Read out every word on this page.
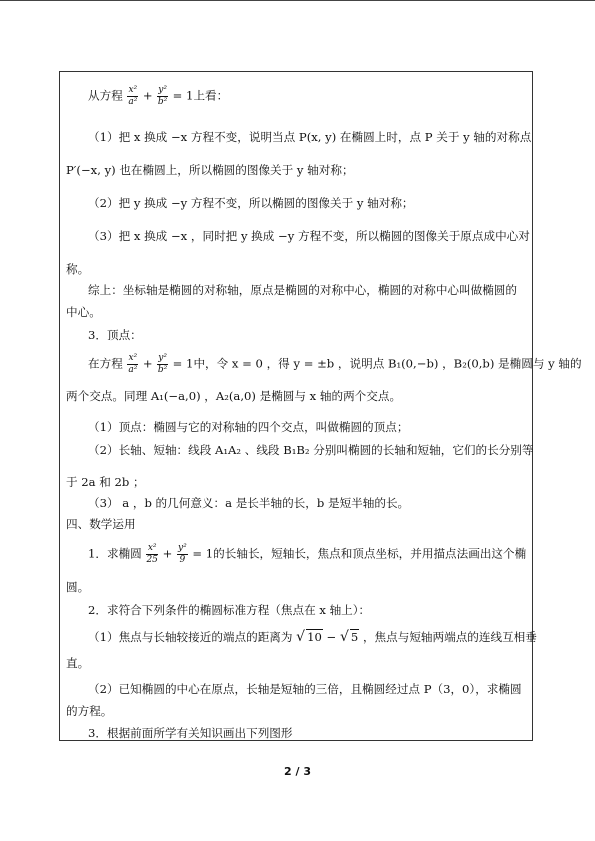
从方程 $\frac{\text{x²}}{\text{a²}} + \frac{\text{y²}}{\text{b²}} = 1$上看：
（1）把 x 换成 −x 方程不变，说明当点 P(x, y) 在椭圆上时，点 P 关于 y 轴的对称点
P′(−x, y) 也在椭圆上，所以椭圆的图像关于 y 轴对称；
（2）把 y 换成 −y 方程不变，所以椭圆的图像关于 y 轴对称；
（3）把 x 换成 −x ，同时把 y 换成 −y 方程不变，所以椭圆的图像关于原点成中心对
称。
综上：坐标轴是椭圆的对称轴，原点是椭圆的对称中心，椭圆的对称中心叫做椭圆的
中心。
3．顶点：
在方程 $\frac{\text{x²}}{\text{a²}} + \frac{\text{y²}}{\text{b²}} = 1$中，令 x = 0 ，得 y = ±b ，说明点 B₁(0,−b) ，B₂(0,b) 是椭圆与 y 轴的
两个交点。同理 A₁(−a,0) ，A₂(a,0) 是椭圆与 x 轴的两个交点。
（1）顶点：椭圆与它的对称轴的四个交点，叫做椭圆的顶点；
（2）长轴、短轴：线段 A₁A₂ 、线段 B₁B₂ 分别叫椭圆的长轴和短轴，它们的长分别等
于 2a 和 2b ；
（3） a ，b 的几何意义：a 是长半轴的长，b 是短半轴的长。
四、数学运用
1．求椭圆 $\frac{\text{x²}}{25} + \frac{\text{y²}}{9} = 1$的长轴长，短轴长，焦点和顶点坐标，并用描点法画出这个椭
圆。
2．求符合下列条件的椭圆标准方程（焦点在 x 轴上）：
（1）焦点与长轴较接近的端点的距离为 √ 10 − √ 5 ，焦点与短轴两端点的连线互相垂
直。
（2）已知椭圆的中心在原点，长轴是短轴的三倍，且椭圆经过点 P（3，0），求椭圆
的方程。
3．根据前面所学有关知识画出下列图形
2 / 3
